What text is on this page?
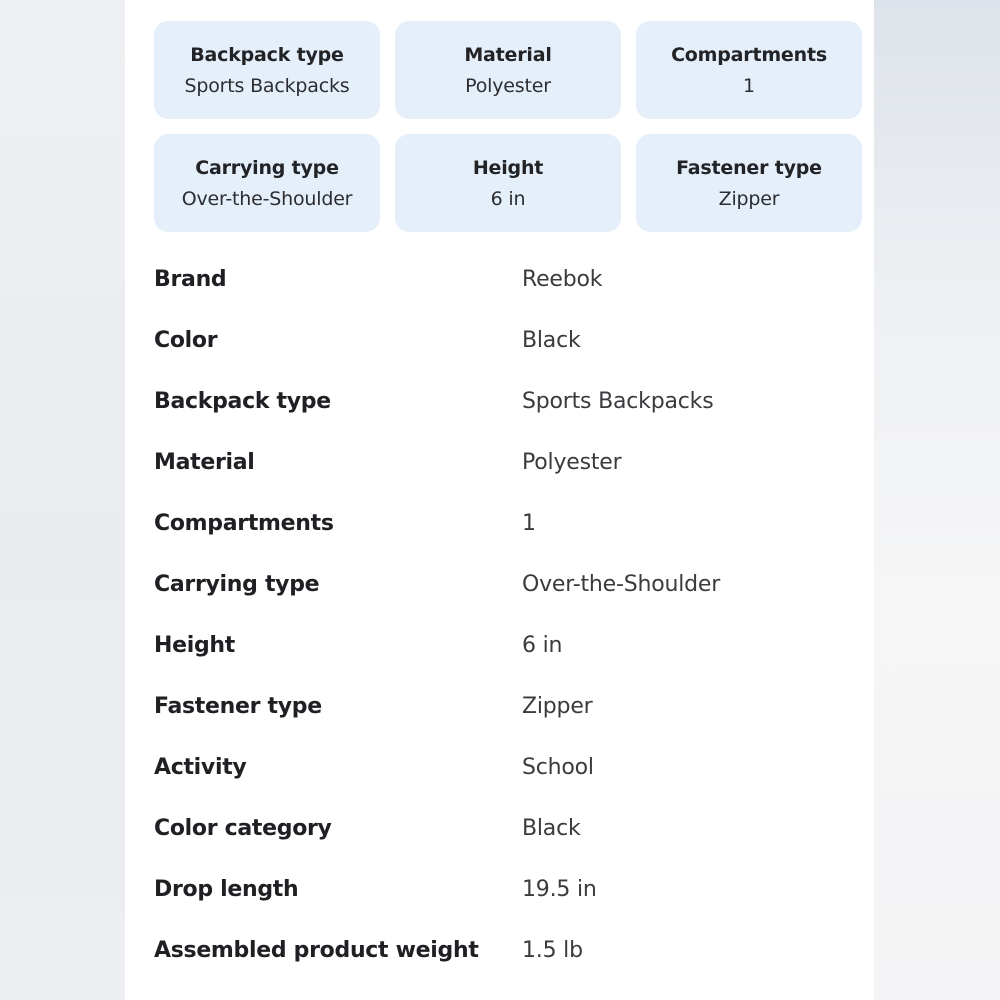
Backpack type
Sports Backpacks
Material
Polyester
Compartments
1
Carrying type
Over-the-Shoulder
Height
6 in
Fastener type
Zipper
Brand	Reebok
Color	Black
Backpack type	Sports Backpacks
Material	Polyester
Compartments	1
Carrying type	Over-the-Shoulder
Height	6 in
Fastener type	Zipper
Activity	School
Color category	Black
Drop length	19.5 in
Assembled product weight	1.5 lb
